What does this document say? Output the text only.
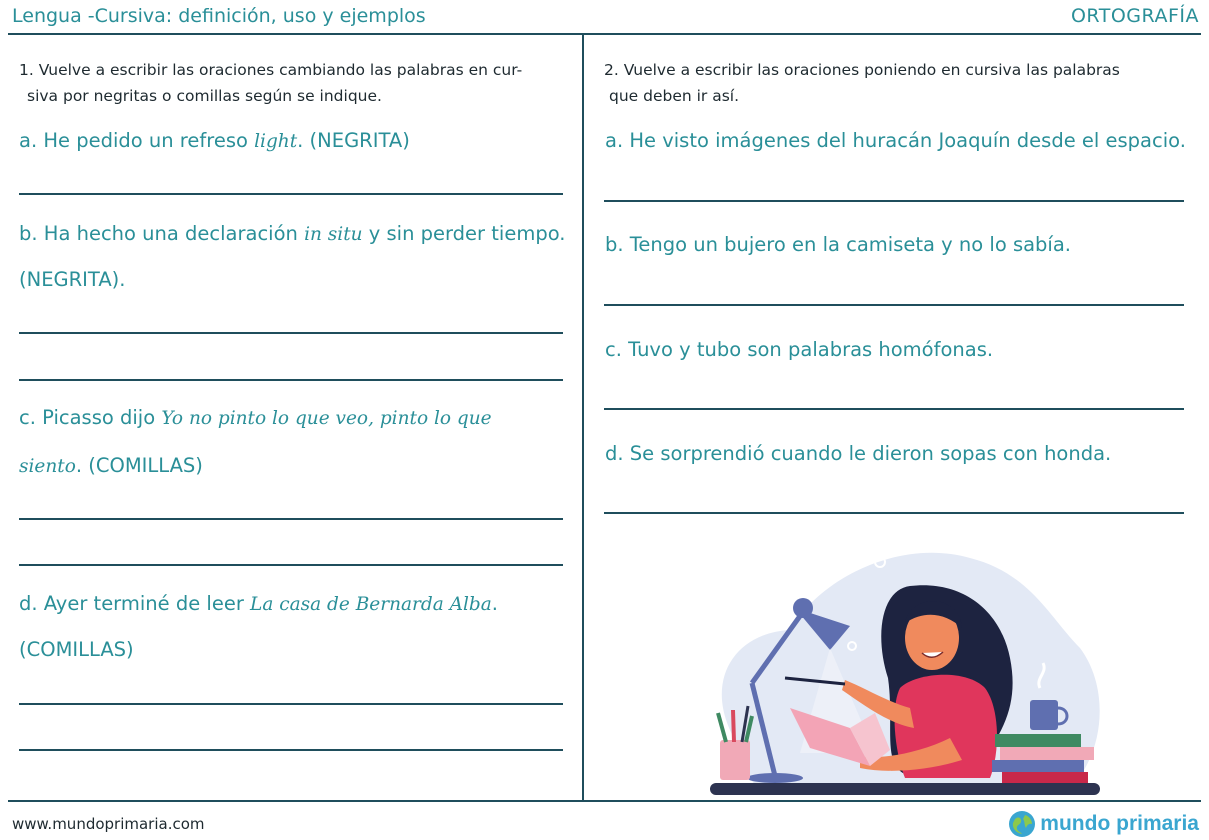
Lengua -Cursiva: definición, uso y ejemplos	ORTOGRAFÍA
1. Vuelve a escribir las oraciones cambiando las palabras en cur-
siva por negritas o comillas según se indique.
a. He pedido un refreso light. (NEGRITA)
b. Ha hecho una declaración in situ y sin perder tiempo.
(NEGRITA).
c. Picasso dijo Yo no pinto lo que veo, pinto lo que
siento. (COMILLAS)
d. Ayer terminé de leer La casa de Bernarda Alba.
(COMILLAS)
2. Vuelve a escribir las oraciones poniendo en cursiva las palabras
que deben ir así.
a. He visto imágenes del huracán Joaquín desde el espacio.
b. Tengo un bujero en la camiseta y no lo sabía.
c. Tuvo y tubo son palabras homófonas.
d. Se sorprendió cuando le dieron sopas con honda.
www.mundoprimaria.com	mundo primaria
